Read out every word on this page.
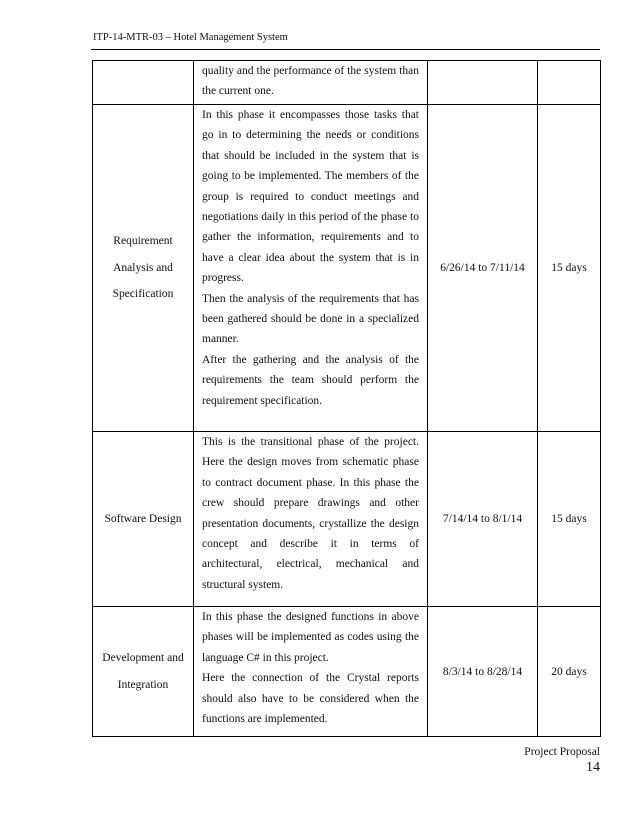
ITP-14-MTR-03 – Hotel Management System

	quality and the performance of the system than the current one.		

Requirement Analysis and Specification	In this phase it encompasses those tasks that go in to determining the needs or conditions that should be included in the system that is going to be implemented. The members of the group is required to conduct meetings and negotiations daily in this period of the phase to gather the information, requirements and to have a clear idea about the system that is in progress.
Then the analysis of the requirements that has been gathered should be done in a specialized manner.
After the gathering and the analysis of the requirements the team should perform the requirement specification.	6/26/14 to 7/11/14	15 days
Software Design	This is the transitional phase of the project. Here the design moves from schematic phase to contract document phase. In this phase the crew should prepare drawings and other presentation documents, crystallize the design concept and describe it in terms of architectural, electrical, mechanical and structural system.	7/14/14 to 8/1/14	15 days
Development and Integration	In this phase the designed functions in above phases will be implemented as codes using the language C# in this project.
Here the connection of the Crystal reports should also have to be considered when the functions are implemented.	8/3/14 to 8/28/14	20 days
Project Proposal
14
